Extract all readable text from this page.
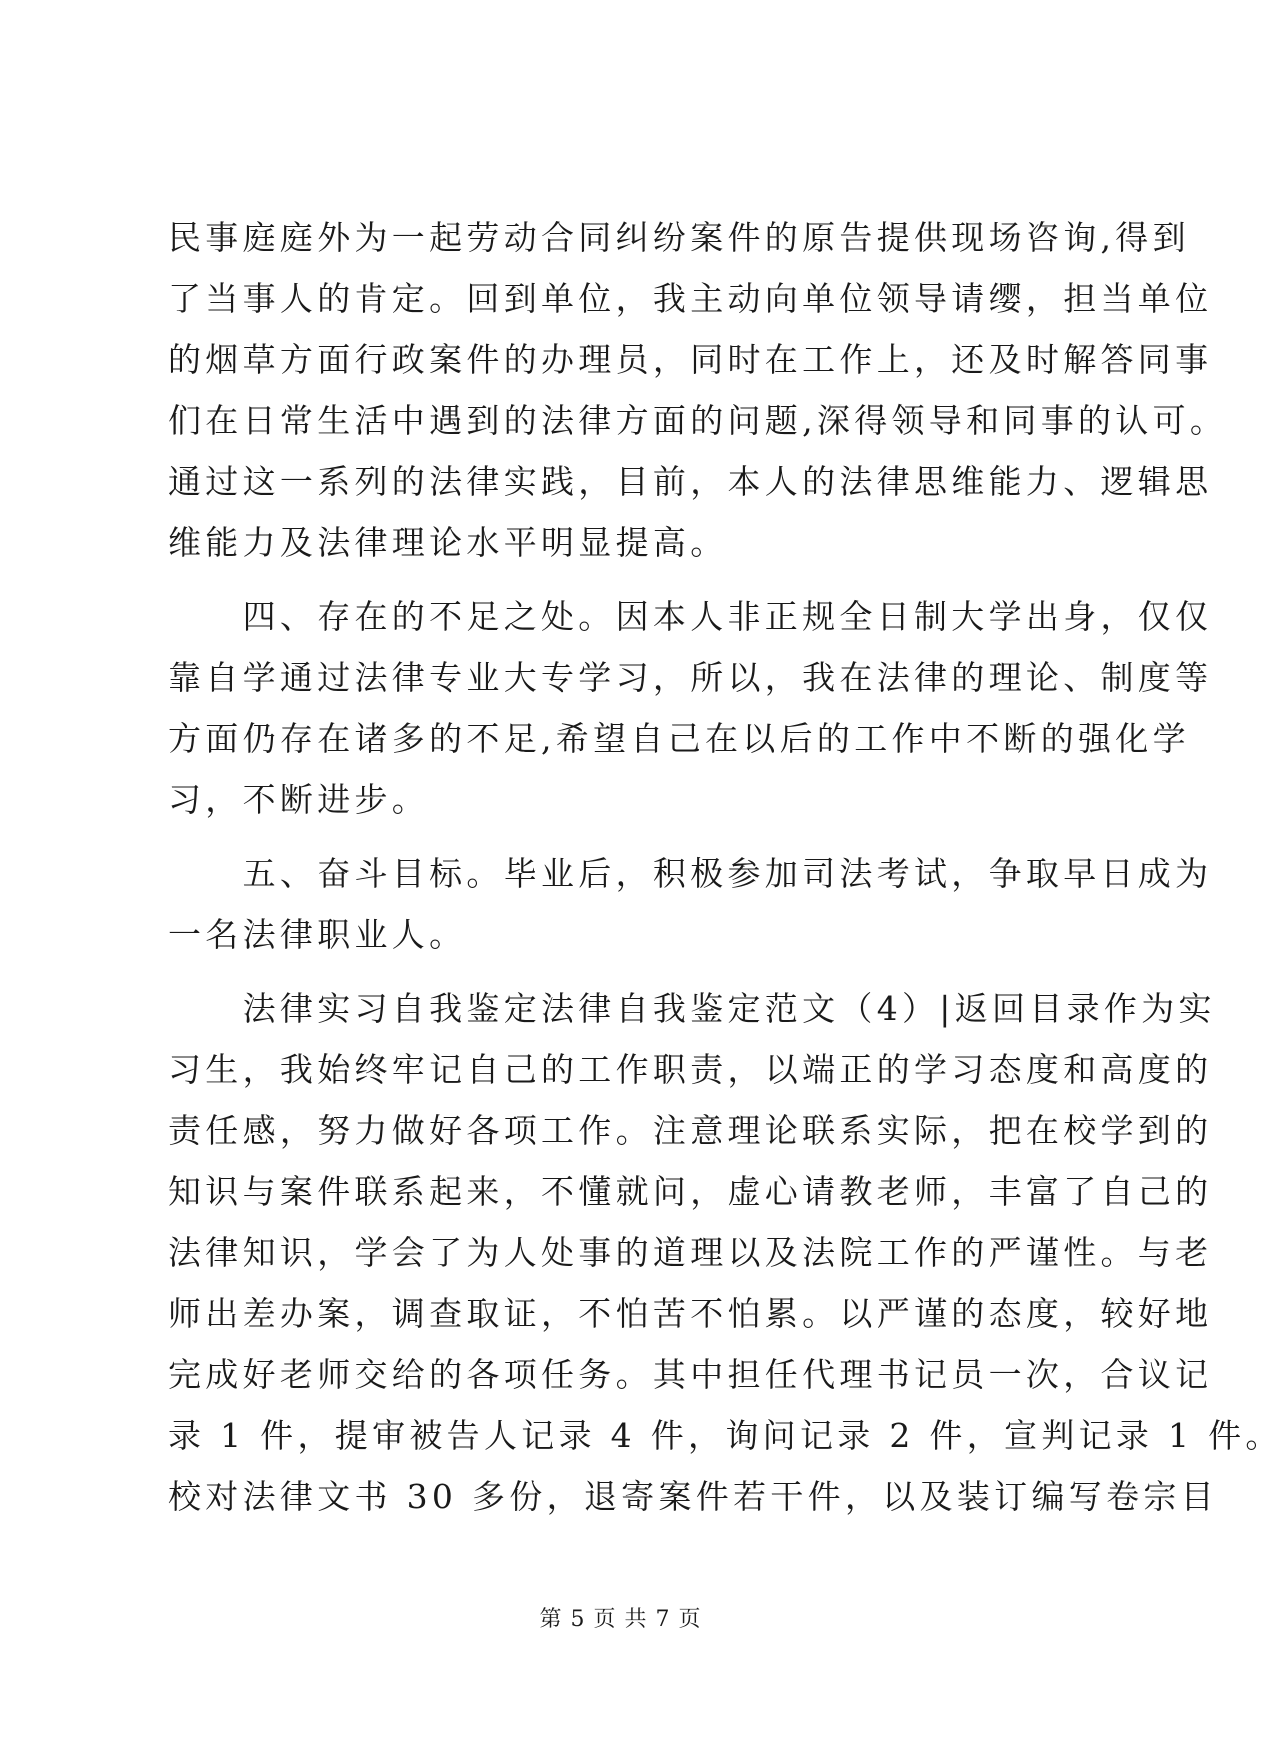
民事庭庭外为一起劳动合同纠纷案件的原告提供现场咨询,得到
了当事人的肯定。回到单位，我主动向单位领导请缨，担当单位
的烟草方面行政案件的办理员，同时在工作上，还及时解答同事
们在日常生活中遇到的法律方面的问题,深得领导和同事的认可。
通过这一系列的法律实践，目前，本人的法律思维能力、逻辑思
维能力及法律理论水平明显提高。
　　四、存在的不足之处。因本人非正规全日制大学出身，仅仅
靠自学通过法律专业大专学习，所以，我在法律的理论、制度等
方面仍存在诸多的不足,希望自己在以后的工作中不断的强化学
习，不断进步。
　　五、奋斗目标。毕业后，积极参加司法考试，争取早日成为
一名法律职业人。
　　法律实习自我鉴定法律自我鉴定范文（4）|返回目录作为实
习生，我始终牢记自己的工作职责，以端正的学习态度和高度的
责任感，努力做好各项工作。注意理论联系实际，把在校学到的
知识与案件联系起来，不懂就问，虚心请教老师，丰富了自己的
法律知识，学会了为人处事的道理以及法院工作的严谨性。与老
师出差办案，调查取证，不怕苦不怕累。以严谨的态度，较好地
完成好老师交给的各项任务。其中担任代理书记员一次，合议记
录 1 件，提审被告人记录 4 件，询问记录 2 件，宣判记录 1 件。
校对法律文书 30 多份，退寄案件若干件，以及装订编写卷宗目
第 5 页 共 7 页
